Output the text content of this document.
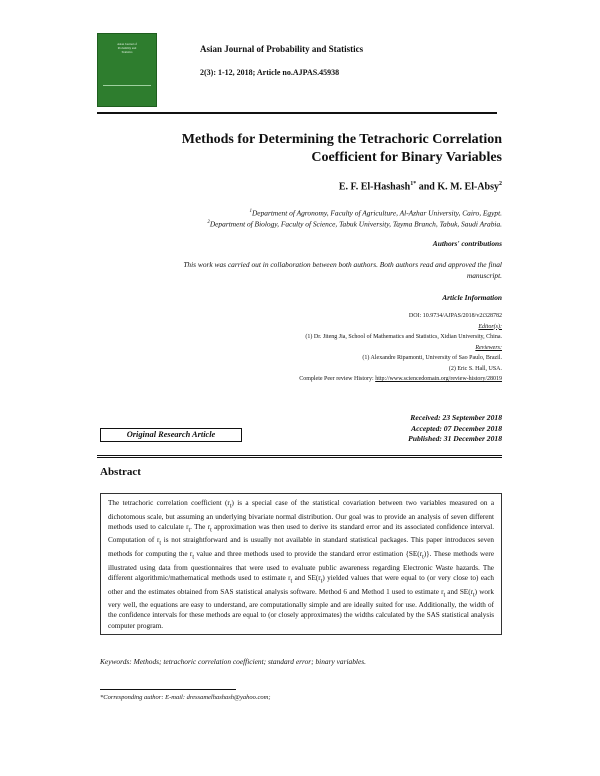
Asian Journal of
Probability and
Statistics	Asian Journal of Probability and Statistics
2(3): 1-12, 2018; Article no.AJPAS.45938
Methods for Determining the Tetrachoric Correlation
Coefficient for Binary Variables
E. F. El-Hashash$^{1*}$ and K. M. El-Absy$^2$
$^1$Department of Agronomy, Faculty of Agriculture, Al-Azhar University, Cairo, Egypt.
$^2$Department of Biology, Faculty of Science, Tabuk University, Tayma Branch, Tabuk, Saudi Arabia.
Authors' contributions
This work was carried out in collaboration between both authors. Both authors read and approved the final
manuscript.
Article Information
DOI: 10.9734/AJPAS/2018/v2i328782
Editor(s):
(1) Dr. Jiteng Jia, School of Mathematics and Statistics, Xidian University, China.
Reviewers:
(1) Alexandre Ripamonti, University of Sao Paulo, Brazil.
(2) Eric S. Hall, USA.
Complete Peer review History: http://www.sciencedomain.org/review-history/28019
Received: 23 September 2018
Accepted: 07 December 2018
Published: 31 December 2018
Original Research Article
Abstract
The tetrachoric correlation coefficient $(r_t)$ is a special case of the statistical covariation between two variables measured on a dichotomous scale, but assuming an underlying bivariate normal distribution. Our goal was to provide an analysis of seven different methods used to calculate $r_t$. The $r_t$ approximation was then used to derive its standard error and its associated confidence interval. Computation of $r_t$ is not straightforward and is usually not available in standard statistical packages. This paper introduces seven methods for computing the $r_t$ value and three methods used to provide the standard error estimation $\{SE(r_t)\}$. These methods were illustrated using data from questionnaires that were used to evaluate public awareness regarding Electronic Waste hazards. The different algorithmic/mathematical methods used to estimate $r_t$ and $SE(r_t)$ yielded values that were equal to (or very close to) each other and the estimates obtained from SAS statistical analysis software. Method 6 and Method 1 used to estimate $r_t$ and $SE(r_t)$ work very well, the equations are easy to understand, are computationally simple and are ideally suited for use. Additionally, the width of the confidence intervals for these methods are equal to (or closely approximates) the widths calculated by the SAS statistical analysis computer program.
Keywords: Methods; tetrachoric correlation coefficient; standard error; binary variables.
*Corresponding author: E-mail: dressamelhashash@yahoo.com;
